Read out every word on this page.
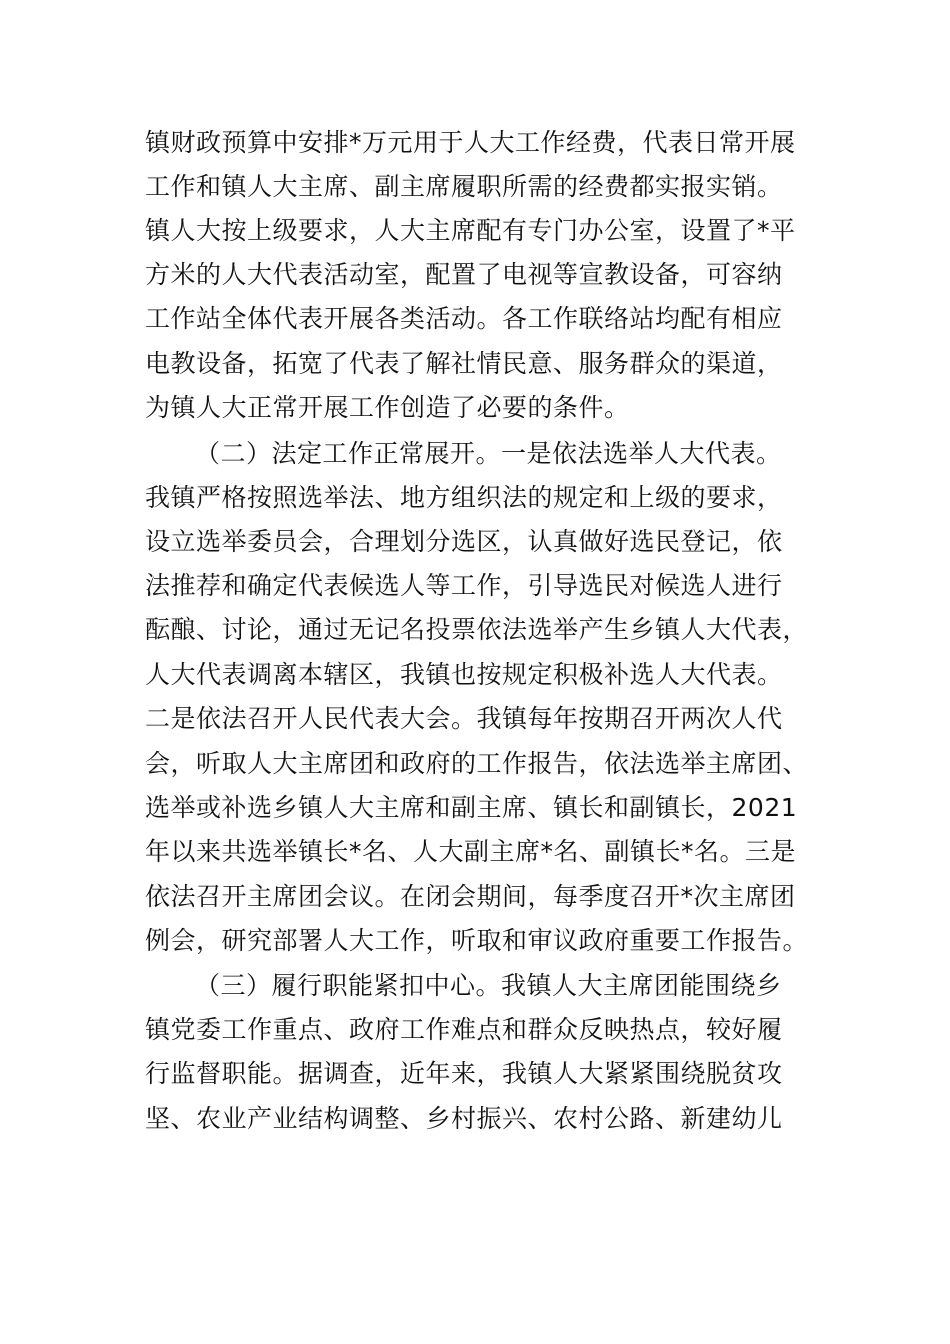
镇财政预算中安排*万元用于人大工作经费，代表日常开展
工作和镇人大主席、副主席履职所需的经费都实报实销。
镇人大按上级要求，人大主席配有专门办公室，设置了*平
方米的人大代表活动室，配置了电视等宣教设备，可容纳
工作站全体代表开展各类活动。各工作联络站均配有相应
电教设备，拓宽了代表了解社情民意、服务群众的渠道，
为镇人大正常开展工作创造了必要的条件。
（二）法定工作正常展开。一是依法选举人大代表。
我镇严格按照选举法、地方组织法的规定和上级的要求，
设立选举委员会，合理划分选区，认真做好选民登记，依
法推荐和确定代表候选人等工作，引导选民对候选人进行
酝酿、讨论，通过无记名投票依法选举产生乡镇人大代表，
人大代表调离本辖区，我镇也按规定积极补选人大代表。
二是依法召开人民代表大会。我镇每年按期召开两次人代
会，听取人大主席团和政府的工作报告，依法选举主席团、
选举或补选乡镇人大主席和副主席、镇长和副镇长，2021
年以来共选举镇长*名、人大副主席*名、副镇长*名。三是
依法召开主席团会议。在闭会期间，每季度召开*次主席团
例会，研究部署人大工作，听取和审议政府重要工作报告。
（三）履行职能紧扣中心。我镇人大主席团能围绕乡
镇党委工作重点、政府工作难点和群众反映热点，较好履
行监督职能。据调查，近年来，我镇人大紧紧围绕脱贫攻
坚、农业产业结构调整、乡村振兴、农村公路、新建幼儿
